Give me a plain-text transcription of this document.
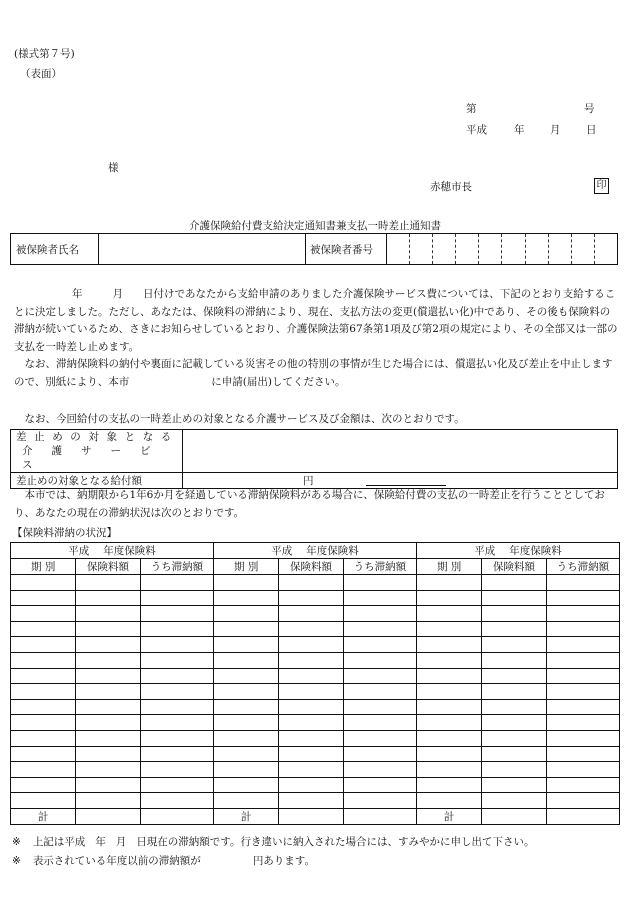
(様式第７号)
（表面）
第	号
平成	年 月 日
様
赤穂市長	印
介護保険給付費支給決定通知書兼支払一時差止通知書
被保険者氏名		被保険者番号	

年	月 日付けであなたから支給申請のありました介護保険サービス費については、下記のとおり支給することに決定しました。ただし、あなたは、保険料の滞納により、現在、支払方法の変更(償還払い化)中であり、その後も保険料の滞納が続いているため、さきにお知らせしているとおり、介護保険法第67条第1項及び第2項の規定により、その全部又は一部の支払を一時差し止めます。

なお、滞納保険料の納付や裏面に記載している災害その他の特別の事情が生じた場合には、償還払い化及び差止を中止しますので、別紙により、本市	に申請(届出)してください。

なお、今回給付の支払の一時差止めの対象となる介護サービス及び金額は、次のとおりです。

差止めの対象となる
介護サービス	

差止めの対象となる給付額	円

本市では、納期限から1年6か月を経過している滞納保険料がある場合に、保険給付費の支払の一時差止を行うこととしており、あなたの現在の滞納状況は次のとおりです。

【保険料滞納の状況】
平成 年度保険料			平成 年度保険料			平成 年度保険料		
期 別	保険料額	うち滞納額	期 別	保険料額	うち滞納額	期 別	保険料額	うち滞納額

計			計			計		
※ 上記は平成 年 月 日現在の滞納額です。行き違いに納入された場合には、すみやかに申し出て下さい。
※ 表示されている年度以前の滞納額が	円あります。
